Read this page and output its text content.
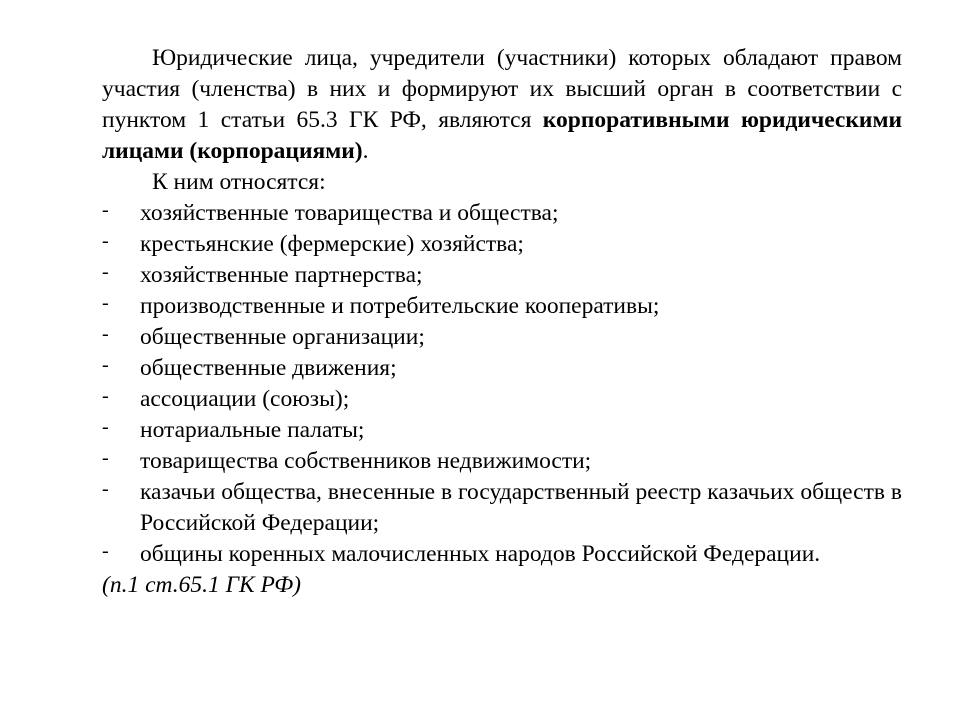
Юридические лица, учредители (участники) которых обладают правом участия (членства) в них и формируют их высший орган в соответствии с пунктом 1 статьи 65.3 ГК РФ, являются корпоративными юридическими лицами (корпорациями).

К ним относятся:

- хозяйственные товарищества и общества;
- крестьянские (фермерские) хозяйства;
- хозяйственные партнерства;
- производственные и потребительские кооперативы;
- общественные организации;
- общественные движения;
- ассоциации (союзы);
- нотариальные палаты;
- товарищества собственников недвижимости;
- казачьи общества, внесенные в государственный реестр казачьих обществ в Российской Федерации;
- общины коренных малочисленных народов Российской Федерации.

(п.1 ст.65.1 ГК РФ)
